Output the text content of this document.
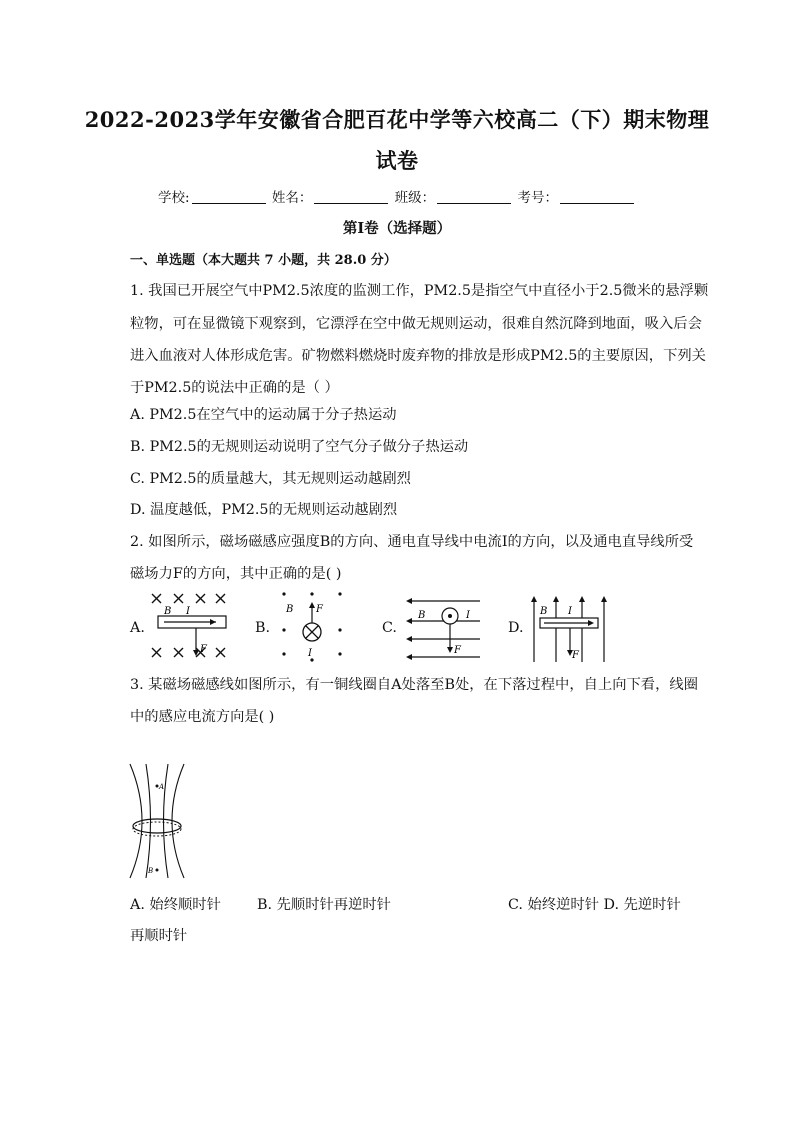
2022-2023学年安徽省合肥百花中学等六校高二（下）期末物理
试卷
学校:	姓名：	班级：	考号：
第I卷（选择题）
一、单选题（本大题共 7 小题，共 28.0 分）
1. 我国已开展空气中PM2.5浓度的监测工作，PM2.5是指空气中直径小于2.5微米的悬浮颗
粒物，可在显微镜下观察到，它漂浮在空中做无规则运动，很难自然沉降到地面，吸入后会
进入血液对人体形成危害。矿物燃料燃烧时废弃物的排放是形成PM2.5的主要原因，下列关
于PM2.5的说法中正确的是（ ）
A. PM2.5在空气中的运动属于分子热运动
B. PM2.5的无规则运动说明了空气分子做分子热运动
C. PM2.5的质量越大，其无规则运动越剧烈
D. 温度越低，PM2.5的无规则运动越剧烈
2. 如图所示，磁场磁感应强度B的方向、通电直导线中电流I的方向，以及通电直导线所受
磁场力F的方向，其中正确的是( )
A.	B.	C.	D.
B I
F
B F
I
B	I
F
B I
F
3. 某磁场磁感线如图所示，有一铜线圈自A处落至B处，在下落过程中，自上向下看，线圈
中的感应电流方向是( )
A
B
A. 始终顺时针	B. 先顺时针再逆时针	C. 始终逆时针 D. 先逆时针
再顺时针
